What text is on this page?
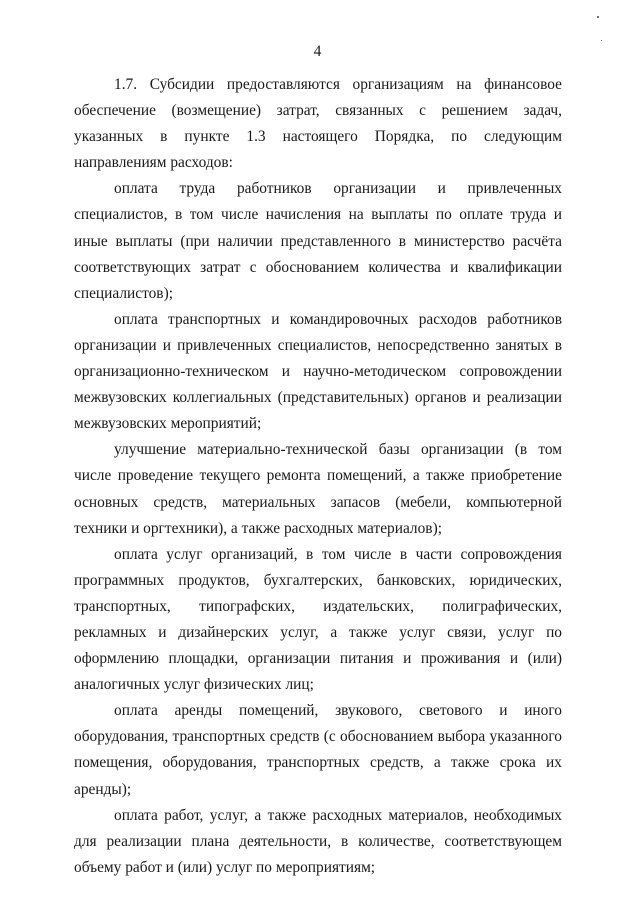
4

1.7. Субсидии предоставляются организациям на финансовое обеспечение (возмещение) затрат, связанных с решением задач, указанных в пункте 1.3 настоящего Порядка, по следующим направлениям расходов:

оплата труда работников организации и привлеченных специалистов, в том числе начисления на выплаты по оплате труда и иные выплаты (при наличии представленного в министерство расчёта соответствующих затрат с обоснованием количества и квалификации специалистов);

оплата транспортных и командировочных расходов работников организации и привлеченных специалистов, непосредственно занятых в организационно-техническом и научно-методическом сопровождении межвузовских коллегиальных (представительных) органов и реализации межвузовских мероприятий;

улучшение материально-технической базы организации (в том числе проведение текущего ремонта помещений, а также приобретение основных средств, материальных запасов (мебели, компьютерной техники и оргтехники), а также расходных материалов);

оплата услуг организаций, в том числе в части сопровождения программных продуктов, бухгалтерских, банковских, юридических, транспортных, типографских, издательских, полиграфических, рекламных и дизайнерских услуг, а также услуг связи, услуг по оформлению площадки, организации питания и проживания и (или) аналогичных услуг физических лиц;

оплата аренды помещений, звукового, светового и иного оборудования, транспортных средств (с обоснованием выбора указанного помещения, оборудования, транспортных средств, а также срока их аренды);

оплата работ, услуг, а также расходных материалов, необходимых для реализации плана деятельности, в количестве, соответствующем объему работ и (или) услуг по мероприятиям;
